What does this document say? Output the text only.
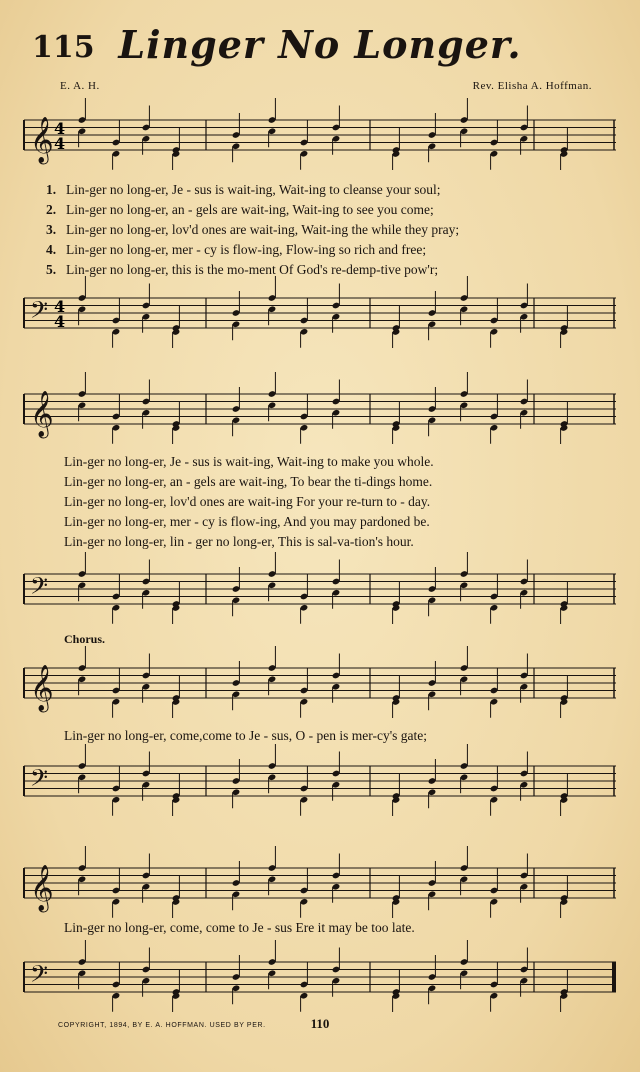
115 Linger No Longer.
E. A. H.	Rev. Elisha A. Hoffman.
𝄞 4
4
1. Lin-ger no long-er, Je - sus is wait-ing, Wait-ing to cleanse your soul;
2. Lin-ger no long-er, an - gels are wait-ing, Wait-ing to see you come;
3. Lin-ger no long-er, lov'd ones are wait-ing, Wait-ing the while they pray;
4. Lin-ger no long-er, mer - cy is flow-ing, Flow-ing so rich and free;
5. Lin-ger no long-er, this is the mo-ment Of God's re-demp-tive pow'r;
𝄢 4
4
𝄞
Lin-ger no long-er, Je - sus is wait-ing, Wait-ing to make you whole.
Lin-ger no long-er, an - gels are wait-ing, To bear the ti-dings home.
Lin-ger no long-er, lov'd ones are wait-ing For your re-turn to - day.
Lin-ger no long-er, mer - cy is flow-ing, And you may pardoned be.
Lin-ger no long-er, lin - ger no long-er, This is sal-va-tion's hour.
𝄢
Chorus.
𝄞
Lin-ger no long-er, come,come to Je - sus, O - pen is mer-cy's gate;
𝄢
𝄞
Lin-ger no long-er, come, come to Je - sus Ere it may be too late.
𝄢
COPYRIGHT, 1894, BY E. A. HOFFMAN. USED BY PER.	110
